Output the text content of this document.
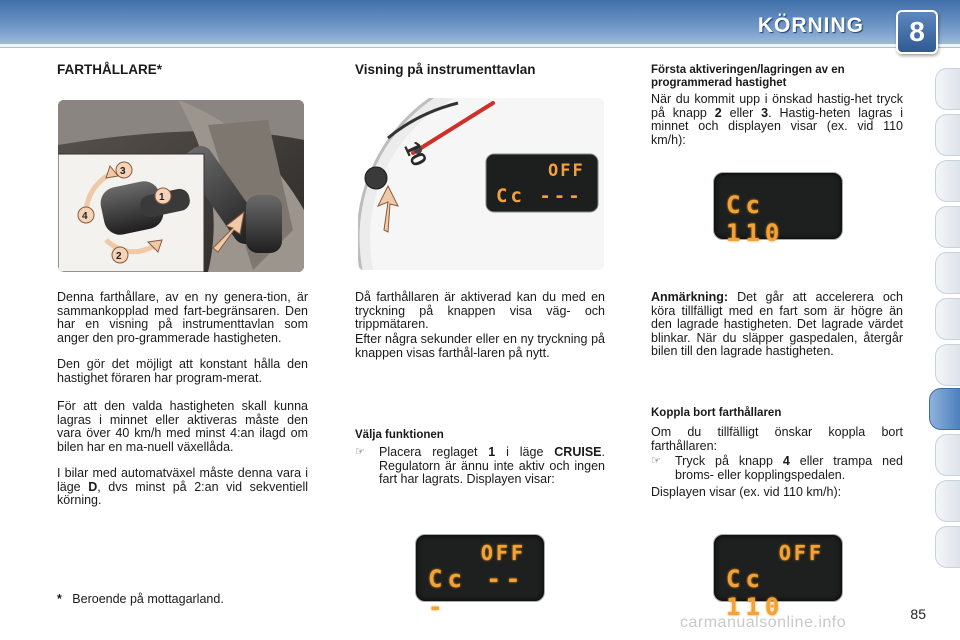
KÖRNING	8
FARTHÅLLARE*
3
1
4
2
Denna farthållare, av en ny genera-tion, är sammankopplad med fart-begränsaren. Den har en visning på instrumenttavlan som anger den pro-grammerade hastigheten.
Den gör det möjligt att konstant hålla den hastighet föraren har program-merat.
För att den valda hastigheten skall kunna lagras i minnet eller aktiveras måste den vara över 40 km/h med minst 4:an ilagd om bilen har en ma-nuell växellåda.
I bilar med automatväxel måste denna vara i läge D, dvs minst på 2:an vid sekventiell körning.
* Beroende på mottagarland.
Visning på instrumenttavlan
10
OFF
Cc ---
Då farthållaren är aktiverad kan du med en tryckning på knappen visa väg- och trippmätaren.
Efter några sekunder eller en ny tryckning på knappen visas farthål-laren på nytt.
Välja funktionen
☞	Placera reglaget 1 i läge CRUISE. Regulatorn är ännu inte aktiv och ingen fart har lagrats. Displayen visar:
OFF
Cc ---
Första aktiveringen/lagringen av en programmerad hastighet
När du kommit upp i önskad hastig-het tryck på knapp 2 eller 3. Hastig-heten lagras i minnet och displayen visar (ex. vid 110 km/h):
Cc 110
Anmärkning: Det går att accelerera och köra tillfälligt med en fart som är högre än den lagrade hastigheten. Det lagrade värdet blinkar. När du släpper gaspedalen, återgår bilen till den lagrade hastigheten.
Koppla bort farthållaren
Om du tillfälligt önskar koppla bort farthållaren:
☞	Tryck på knapp 4 eller trampa ned broms- eller kopplingspedalen.
Displayen visar (ex. vid 110 km/h):
OFF
Cc 110	85
carmanualsonline.info
